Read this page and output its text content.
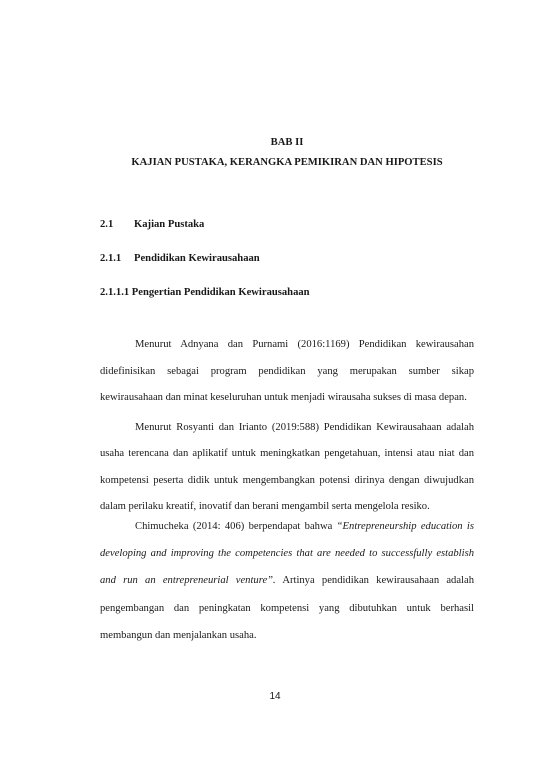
BAB II
KAJIAN PUSTAKA, KERANGKA PEMIKIRAN DAN HIPOTESIS
2.1 Kajian Pustaka
2.1.1 Pendidikan Kewirausahaan
2.1.1.1 Pengertian Pendidikan Kewirausahaan
Menurut Adnyana dan Purnami (2016:1169) Pendidikan kewirausahan
didefinisikan sebagai program pendidikan yang merupakan sumber sikap
kewirausahaan dan minat keseluruhan untuk menjadi wirausaha sukses di masa depan.
Menurut Rosyanti dan Irianto (2019:588) Pendidikan Kewirausahaan adalah
usaha terencana dan aplikatif untuk meningkatkan pengetahuan, intensi atau niat dan
kompetensi peserta didik untuk mengembangkan potensi dirinya dengan diwujudkan
dalam perilaku kreatif, inovatif dan berani mengambil serta mengelola resiko.
Chimucheka (2014: 406) berpendapat bahwa “Entrepreneurship education is
developing and improving the competencies that are needed to successfully establish
and run an entrepreneurial venture”. Artinya pendidikan kewirausahaan adalah
pengembangan dan peningkatan kompetensi yang dibutuhkan untuk berhasil
membangun dan menjalankan usaha.
14
